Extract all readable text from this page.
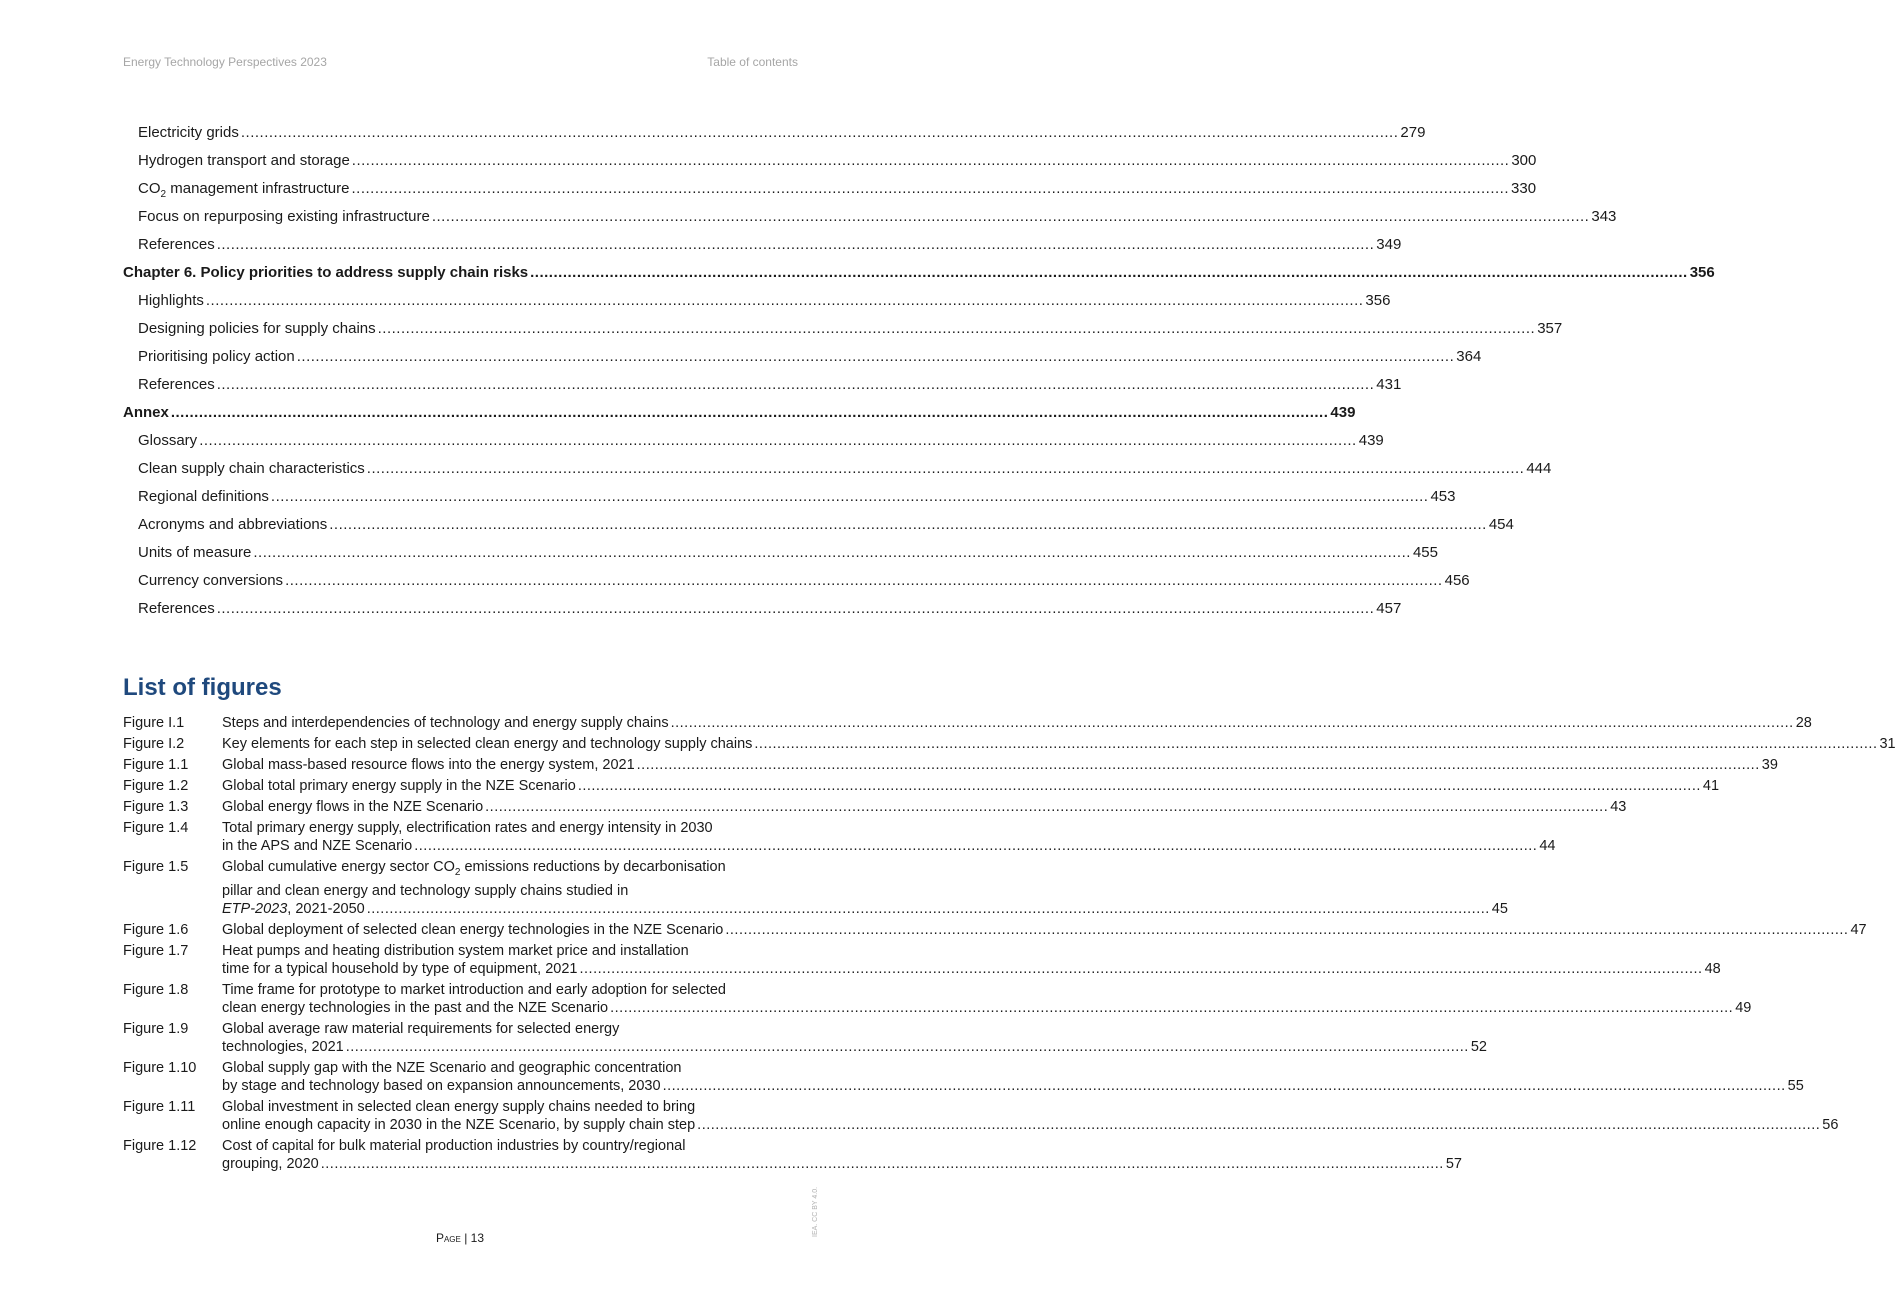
Energy Technology Perspectives 2023	Table of contents
Electricity grids .....	279
Hydrogen transport and storage .....	300
$CO_2$ management infrastructure .....	330
Focus on repurposing existing infrastructure .....	343
References .....	349
Chapter 6. Policy priorities to address supply chain risks .....	356
Highlights .....	356
Designing policies for supply chains .....	357
Prioritising policy action .....	364
References .....	431
Annex .....	439
Glossary .....	439
Clean supply chain characteristics .....	444
Regional definitions .....	453
Acronyms and abbreviations .....	454
Units of measure .....	455
Currency conversions .....	456
References .....	457
List of figures
Figure I.1	Steps and interdependencies of technology and energy supply chains .....	28
Figure I.2	Key elements for each step in selected clean energy and technology supply chains .....	31
Figure 1.1	Global mass-based resource flows into the energy system, 2021 .....	39
Figure 1.2	Global total primary energy supply in the NZE Scenario .....	41
Figure 1.3	Global energy flows in the NZE Scenario .....	43
Figure 1.4	Total primary energy supply, electrification rates and energy intensity in 2030
in the APS and NZE Scenario .....	44
Figure 1.5	Global cumulative energy sector $CO_2$ emissions reductions by decarbonisation
pillar and clean energy and technology supply chains studied in
ETP-2023, 2021-2050 .....	45
Figure 1.6	Global deployment of selected clean energy technologies in the NZE Scenario .....	47
Figure 1.7	Heat pumps and heating distribution system market price and installation
time for a typical household by type of equipment, 2021 .....	48
Figure 1.8	Time frame for prototype to market introduction and early adoption for selected
clean energy technologies in the past and the NZE Scenario .....	49
Figure 1.9	Global average raw material requirements for selected energy
technologies, 2021 .....	52
Figure 1.10	Global supply gap with the NZE Scenario and geographic concentration
by stage and technology based on expansion announcements, 2030 .....	55
Figure 1.11	Global investment in selected clean energy supply chains needed to bring
online enough capacity in 2030 in the NZE Scenario, by supply chain step .....	56
Figure 1.12	Cost of capital for bulk material production industries by country/regional
grouping, 2020 .....	57
Page | 13
IEA. CC BY 4.0.
